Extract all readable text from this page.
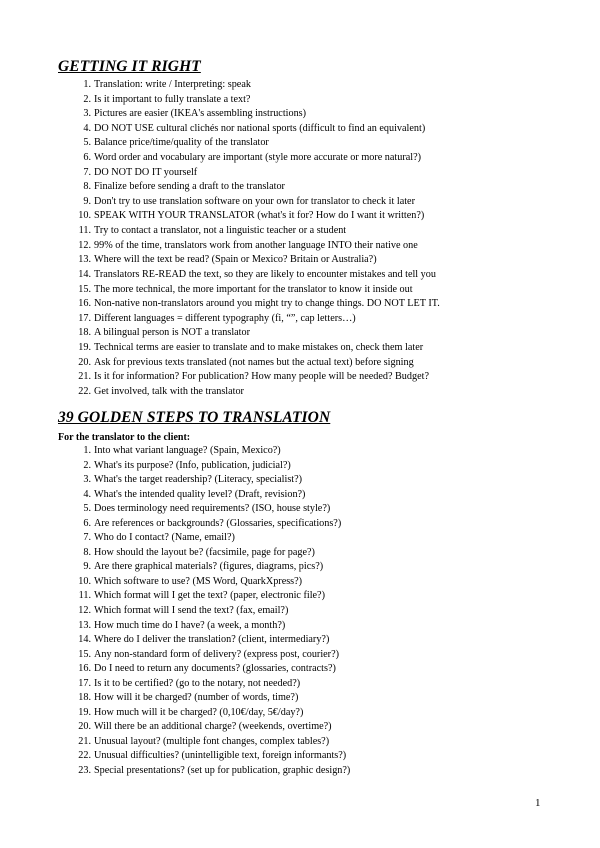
GETTING IT RIGHT
1. Translation: write / Interpreting: speak
2. Is it important to fully translate a text?
3. Pictures are easier (IKEA's assembling instructions)
4. DO NOT USE cultural clichés nor national sports (difficult to find an equivalent)
5. Balance price/time/quality of the translator
6. Word order and vocabulary are important (style more accurate or more natural?)
7. DO NOT DO IT yourself
8. Finalize before sending a draft to the translator
9. Don't try to use translation software on your own for translator to check it later
10. SPEAK WITH YOUR TRANSLATOR (what's it for? How do I want it written?)
11. Try to contact a translator, not a linguistic teacher or a student
12. 99% of the time, translators work from another language INTO their native one
13. Where will the text be read? (Spain or Mexico? Britain or Australia?)
14. Translators RE-READ the text, so they are likely to encounter mistakes and tell you
15. The more technical, the more important for the translator to know it inside out
16. Non-native non-translators around you might try to change things. DO NOT LET IT.
17. Different languages = different typography (fi, “”, cap letters…)
18. A bilingual person is NOT a translator
19. Technical terms are easier to translate and to make mistakes on, check them later
20. Ask for previous texts translated (not names but the actual text) before signing
21. Is it for information? For publication? How many people will be needed? Budget?
22. Get involved, talk with the translator
39 GOLDEN STEPS TO TRANSLATION
For the translator to the client:
1. Into what variant language? (Spain, Mexico?)
2. What's its purpose? (Info, publication, judicial?)
3. What's the target readership? (Literacy, specialist?)
4. What's the intended quality level? (Draft, revision?)
5. Does terminology need requirements? (ISO, house style?)
6. Are references or backgrounds? (Glossaries, specifications?)
7. Who do I contact? (Name, email?)
8. How should the layout be? (facsimile, page for page?)
9. Are there graphical materials? (figures, diagrams, pics?)
10. Which software to use? (MS Word, QuarkXpress?)
11. Which format will I get the text? (paper, electronic file?)
12. Which format will I send the text? (fax, email?)
13. How much time do I have? (a week, a month?)
14. Where do I deliver the translation? (client, intermediary?)
15. Any non-standard form of delivery? (express post, courier?)
16. Do I need to return any documents? (glossaries, contracts?)
17. Is it to be certified? (go to the notary, not needed?)
18. How will it be charged? (number of words, time?)
19. How much will it be charged? (0,10€/day, 5€/day?)
20. Will there be an additional charge? (weekends, overtime?)
21. Unusual layout? (multiple font changes, complex tables?)
22. Unusual difficulties? (unintelligible text, foreign informants?)
23. Special presentations? (set up for publication, graphic design?)
1
